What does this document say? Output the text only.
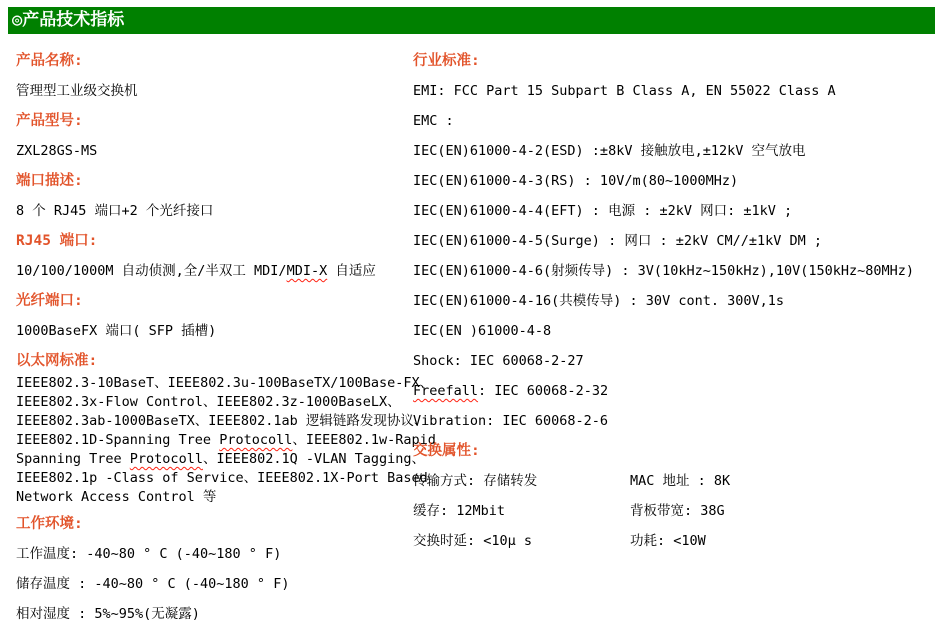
◎产品技术指标
产品名称:
管理型工业级交换机
产品型号:
ZXL28GS-MS
端口描述:
8 个 RJ45 端口+2 个光纤接口
RJ45 端口:
10/100/1000M 自动侦测,全/半双工 MDI/MDI-X 自适应
光纤端口:
1000BaseFX 端口( SFP 插槽)
以太网标准:
IEEE802.3-10BaseT、IEEE802.3u-100BaseTX/100Base-FX、
IEEE802.3x-Flow Control、IEEE802.3z-1000BaseLX、
IEEE802.3ab-1000BaseTX、IEEE802.1ab 逻辑链路发现协议、
IEEE802.1D-Spanning Tree Protocoll、IEEE802.1w-Rapid
Spanning Tree Protocoll、IEEE802.1Q -VLAN Tagging、
IEEE802.1p -Class of Service、IEEE802.1X-Port Based
Network Access Control 等
工作环境:
工作温度: -40~80 ° C (-40~180 ° F)
储存温度 : -40~80 ° C (-40~180 ° F)
相对湿度 : 5%~95%(无凝露)
行业标准:
EMI: FCC Part 15 Subpart B Class A, EN 55022 Class A
EMC :
IEC(EN)61000-4-2(ESD) :±8kV 接触放电,±12kV 空气放电
IEC(EN)61000-4-3(RS) : 10V/m(80~1000MHz)
IEC(EN)61000-4-4(EFT) : 电源 : ±2kV 网口: ±1kV ;
IEC(EN)61000-4-5(Surge) : 网口 : ±2kV CM//±1kV DM ;
IEC(EN)61000-4-6(射频传导) : 3V(10kHz~150kHz),10V(150kHz~80MHz)
IEC(EN)61000-4-16(共模传导) : 30V cont. 300V,1s
IEC(EN )61000-4-8
Shock: IEC 60068-2-27
Freefall: IEC 60068-2-32
Vibration: IEC 60068-2-6
交换属性:
传输方式: 存储转发	MAC 地址 : 8K
缓存: 12Mbit	背板带宽: 38G
交换时延: <10μ s	功耗: <10W
